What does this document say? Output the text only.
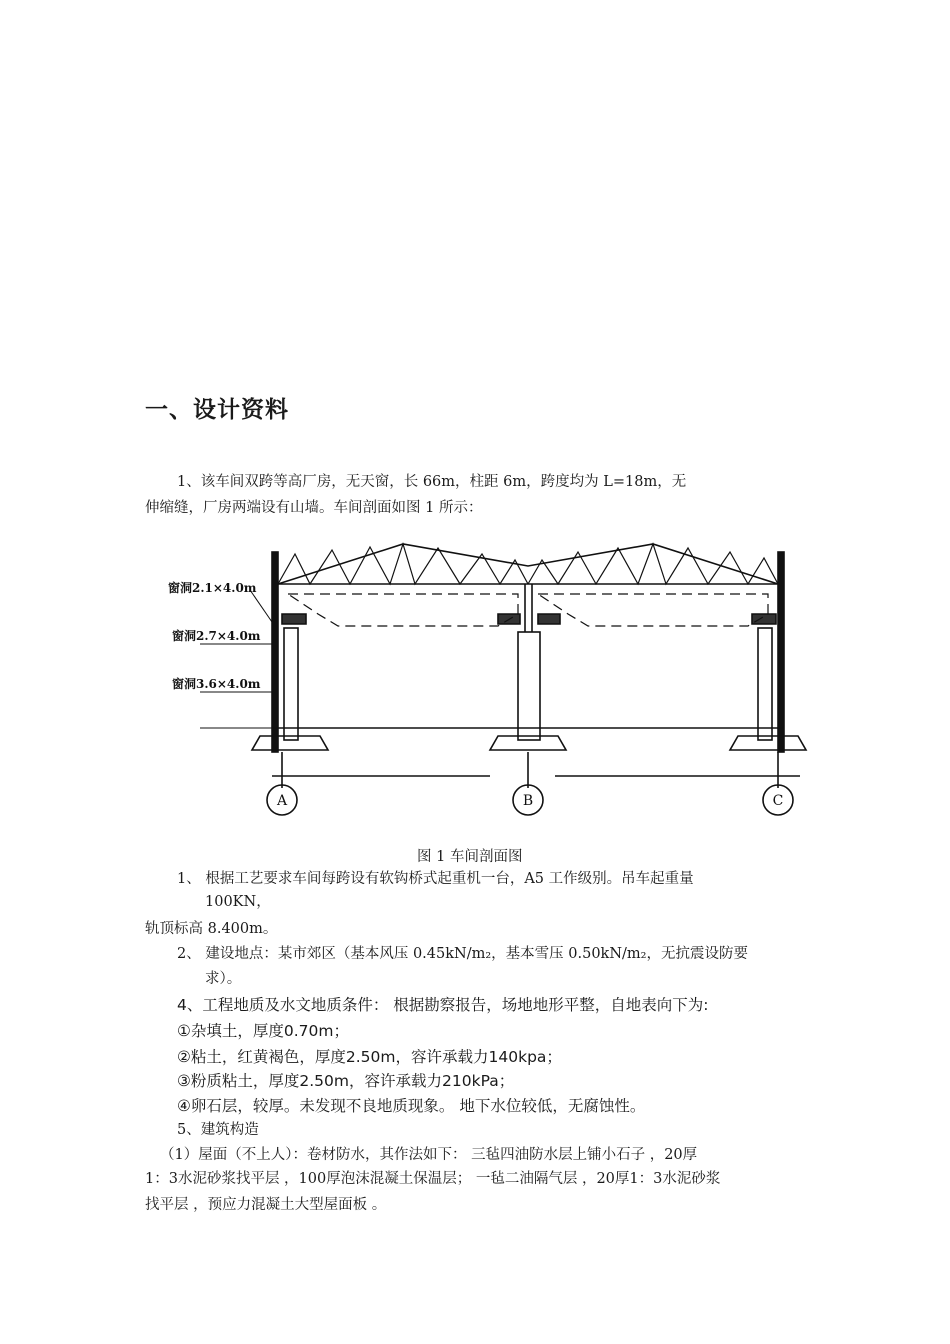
一、设计资料
1、该车间双跨等高厂房，无天窗，长 66m，柱距 6m，跨度均为 L=18m，无
伸缩缝，厂房两端设有山墙。车间剖面如图 1 所示：
窗洞2.1×4.0m
窗洞2.7×4.0m
窗洞3.6×4.0m
A	B	C
图 1 车间剖面图
1、 根据工艺要求车间每跨设有软钩桥式起重机一台，A5 工作级别。吊车起重量
100KN，
轨顶标高 8.400m。
2、 建设地点：某市郊区（基本风压 0.45kN/m₂，基本雪压 0.50kN/m₂，无抗震设防要
求）。
4、工程地质及水文地质条件： 根据勘察报告，场地地形平整，自地表向下为:
①杂填土，厚度0.70m；
②粘土，红黄褐色，厚度2.50m，容许承载力140kpa；
③粉质粘土，厚度2.50m，容许承载力210kPa；
④卵石层，较厚。未发现不良地质现象。 地下水位较低，无腐蚀性。
5、建筑构造
（1）屋面（不上人）：卷材防水，其作法如下： 三毡四油防水层上铺小石子 ，20厚
1：3水泥砂浆找平层 ，100厚泡沫混凝土保温层； 一毡二油隔气层 ，20厚1：3水泥砂浆
找平层 ，预应力混凝土大型屋面板 。
